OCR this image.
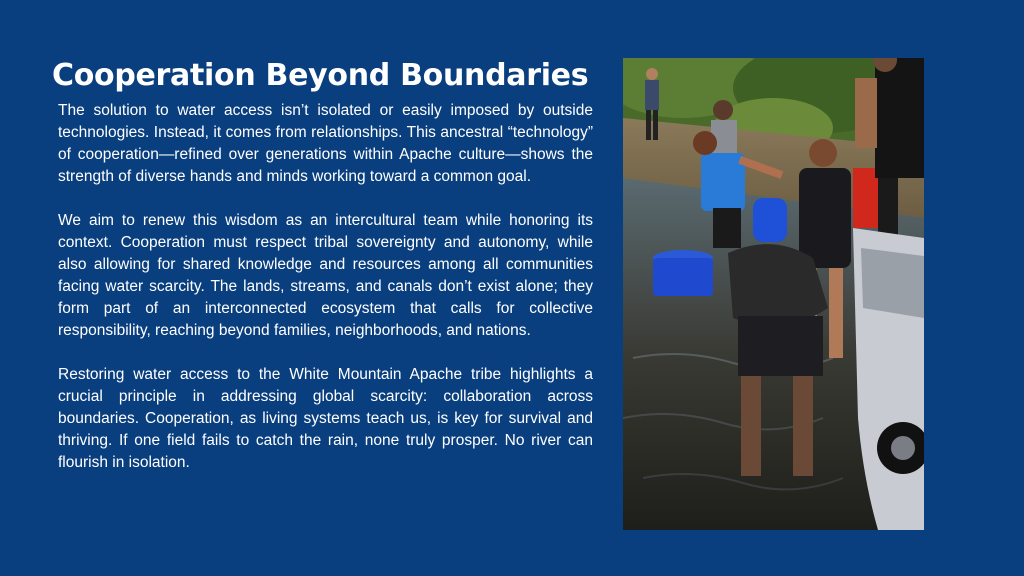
Cooperation Beyond Boundaries

The solution to water access isn’t isolated or easily imposed by outside technologies. Instead, it comes from relationships. This ancestral “technology” of cooperation—refined over generations within Apache culture—shows the strength of diverse hands and minds working toward a common goal.

We aim to renew this wisdom as an intercultural team while honoring its context. Cooperation must respect tribal sovereignty and autonomy, while also allowing for shared knowledge and resources among all communities facing water scarcity. The lands, streams, and canals don’t exist alone; they form part of an interconnected ecosystem that calls for collective responsibility, reaching beyond families, neighborhoods, and nations.

Restoring water access to the White Mountain Apache tribe highlights a crucial principle in addressing global scarcity: collaboration across boundaries. Cooperation, as living systems teach us, is key for survival and thriving. If one field fails to catch the rain, none truly prosper. No river can flourish in isolation.
